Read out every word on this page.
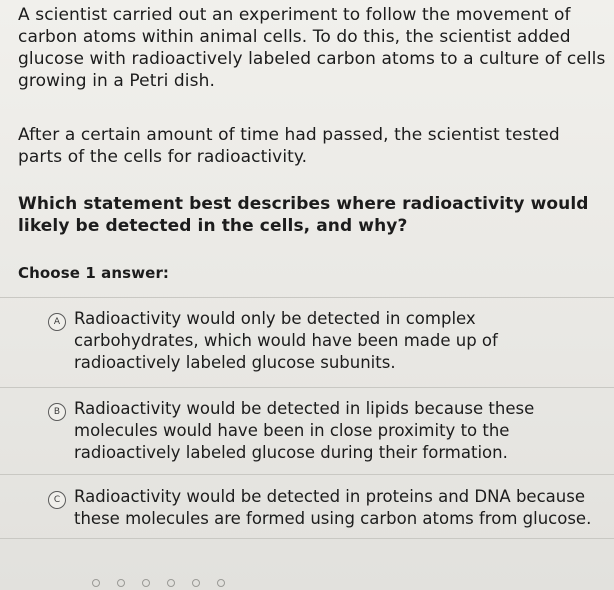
A scientist carried out an experiment to follow the movement of carbon atoms within animal cells. To do this, the scientist added glucose with radioactively labeled carbon atoms to a culture of cells growing in a Petri dish.

After a certain amount of time had passed, the scientist tested parts of the cells for radioactivity.

Which statement best describes where radioactivity would likely be detected in the cells, and why?

Choose 1 answer:

A Radioactivity would only be detected in complex carbohydrates, which would have been made up of radioactively labeled glucose subunits.

B Radioactivity would be detected in lipids because these molecules would have been in close proximity to the radioactively labeled glucose during their formation.

C Radioactivity would be detected in proteins and DNA because these molecules are formed using carbon atoms from glucose.
